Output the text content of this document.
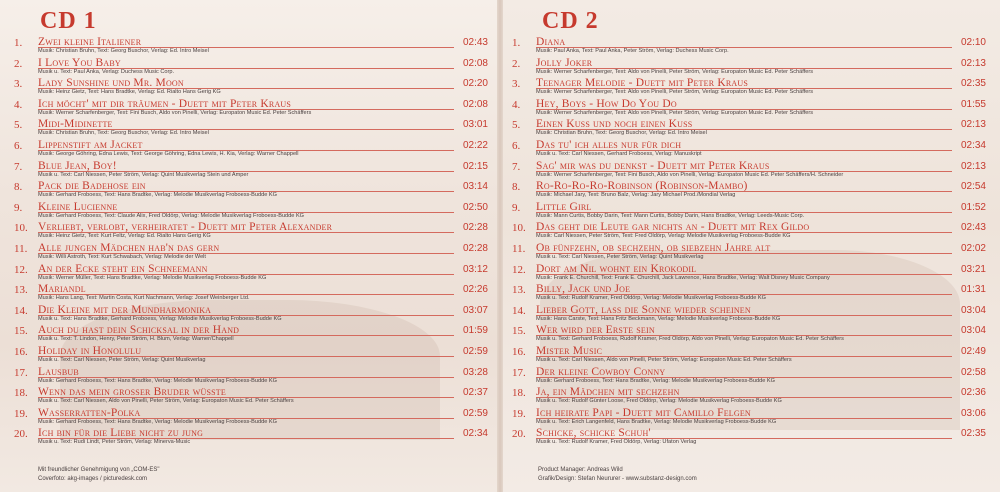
CD 1
1.	Zwei kleine Italiener	02:43
Musik: Christian Bruhn, Text: Georg Buschor, Verlag: Ed. Intro Meisel
2.	I Love You Baby	02:08
Musik u. Text: Paul Anka, Verlag: Duchess Music Corp.
3.	Lady Sunshine und Mr. Moon	02:20
Musik: Heinz Gietz, Text: Hans Bradtke, Verlag: Ed. Rialto Hans Gerig KG
4.	Ich möcht' mit dir träumen - Duett mit Peter Kraus	02:08
Musik: Werner Scharfenberger, Text: Fini Busch, Aldo von Pinelli, Verlag: Europaton Music Ed. Peter Schäffers
5.	Midi-Midinette	03:01
Musik: Christian Bruhn, Text: Georg Buschor, Verlag: Ed. Intro Meisel
6.	Lippenstift am Jacket	02:22
Musik: George Göhring, Edna Lewis, Text: George Göhring, Edna Lewis, H. Kia, Verlag: Warner Chappell
7.	Blue Jean, Boy!	02:15
Musik u. Text: Carl Niessen, Peter Ström, Verlag: Quint Musikverlag Stein und Amper
8.	Pack die Badehose ein	03:14
Musik: Gerhard Froboess, Text: Hans Bradtke, Verlag: Melodie Musikverlag Froboess-Budde KG
9.	Kleine Lucienne	02:50
Musik: Gerhard Froboess, Text: Claude Alix, Fred Oldörp, Verlag: Melodie Musikverlag Froboess-Budde KG
10. Verliebt, verlobt, verheiratet - Duett mit Peter Alexander	02:28
Musik: Heinz Gietz, Text: Kurt Feltz, Verlag: Ed. Rialto Hans Gerig KG
11. Alle jungen Mädchen hab'n das gern	02:28
Musik: Willi Astroth, Text: Kurt Schwabach, Verlag: Melodie der Welt
12. An der Ecke steht ein Schneemann	03:12
Musik: Werner Müller, Text: Hans Bradtke, Verlag: Melodie Musikverlag Froboess-Budde KG
13. Mariandl	02:26
Musik: Hans Lang, Text: Martin Costa, Kurt Nachmann, Verlag: Josef Weinberger Ltd.
14. Die Kleine mit der Mundharmonika	03:07
Musik u. Text: Hans Bradtke, Gerhard Froboess, Verlag: Melodie Musikverlag Froboess-Budde KG
15. Auch du hast dein Schicksal in der Hand	01:59
Musik u. Text: T. Lindon, Henry, Peter Ström, H. Blum, Verlag: Warner/Chappell
16. Holiday in Honolulu	02:59
Musik u. Text: Carl Niessen, Peter Ström, Verlag: Quint Musikverlag
17. Lausbub	03:28
Musik: Gerhard Froboess, Text: Hans Bradtke, Verlag: Melodie Musikverlag Froboess-Budde KG
18. Wenn das mein grosser Bruder wüsste	02:37
Musik u. Text: Carl Niessen, Aldo von Pinelli, Peter Ström, Verlag: Europaton Music Ed. Peter Schäffers
19. Wasserratten-Polka	02:59
Musik: Gerhard Froboess, Text: Hans Bradtke, Verlag: Melodie Musikverlag Froboess-Budde KG
20. Ich bin für die Liebe nicht zu jung	02:34
Musik u. Text: Rudi Lindt, Peter Ström, Verlag: Minerva-Music
Mit freundlicher Genehmigung von „COM-ES"
Coverfoto: akg-images / picturedesk.com
CD 2
1.	Diana	02:10
Musik: Paul Anka, Text: Paul Anka, Peter Ström, Verlag: Duchess Music Corp.
2.	Jolly Joker	02:13
Musik: Werner Scharfenberger, Text: Aldo von Pinelli, Peter Ström, Verlag: Europaton Music Ed. Peter Schäffers
3.	Teenager Melodie - Duett mit Peter Kraus	02:35
Musik: Werner Scharfenberger, Text: Aldo von Pinelli, Peter Ström, Verlag: Europaton Music Ed. Peter Schäffers
4.	Hey, Boys - How Do You Do	01:55
Musik: Werner Scharfenberger, Text: Aldo von Pinelli, Peter Ström, Verlag: Europaton Music Ed. Peter Schäffers
5.	Einen Kuss und noch einen Kuss	02:13
Musik: Christian Bruhn, Text: Georg Buschor, Verlag: Ed. Intro Meisel
6.	Das tu' ich alles nur für dich	02:34
Musik u. Text: Carl Niessen, Gerhard Froboess, Verlag: Manuskript
7.	Sag' mir was du denkst - Duett mit Peter Kraus	02:13
Musik: Werner Scharfenberger, Text: Fini Busch, Aldo von Pinelli, Verlag: Europaton Music Ed. Peter Schäffers/H. Schneider
8.	Ro-Ro-Ro-Ro-Robinson (Robinson-Mambo)	02:54
Musik: Michael Jary, Text: Bruno Balz, Verlag: Jary Michael Prod./Mondial Verlag
9.	Little Girl	01:52
Musik: Mann Curtis, Bobby Darin, Text: Mann Curtis, Bobby Darin, Hans Bradtke, Verlag: Leeds-Music Corp.
10. Das geht die Leute gar nichts an - Duett mit Rex Gildo	02:43
Musik: Carl Niessen, Peter Ström, Text: Fred Oldörp, Verlag: Melodie Musikverlag Froboess-Budde KG
11. Ob fünfzehn, ob sechzehn, ob siebzehn Jahre alt	02:02
Musik u. Text: Carl Niessen, Peter Ström, Verlag: Quint Musikverlag
12. Dort am Nil wohnt ein Krokodil	03:21
Musik: Frank E. Churchill, Text: Frank E. Churchill, Jack Lawrence, Hans Bradtke, Verlag: Walt Disney Music Company
13. Billy, Jack und Joe	01:31
Musik u. Text: Rudolf Kramer, Fred Oldörp, Verlag: Melodie Musikverlag Froboess-Budde KG
14. Lieber Gott, lass die Sonne wieder scheinen	03:04
Musik: Hans Carste, Text: Hans Fritz Beckmann, Verlag: Melodie Musikverlag Froboess-Budde KG
15. Wer wird der Erste sein	03:04
Musik u. Text: Gerhard Froboess, Rudolf Kramer, Fred Oldörp, Aldo von Pinelli, Verlag: Europaton Music Ed. Peter Schäffers
16. Mister Music	02:49
Musik u. Text: Carl Niessen, Aldo von Pinelli, Peter Ström, Verlag: Europaton Music Ed. Peter Schäffers
17. Der kleine Cowboy Conny	02:58
Musik: Gerhard Froboess, Text: Hans Bradtke, Verlag: Melodie Musikverlag Froboess-Budde KG
18. Ja, ein Mädchen mit sechzehn	02:36
Musik u. Text: Rudolf Günter Loose, Fred Oldörp, Verlag: Melodie Musikverlag Froboess-Budde KG
19. Ich heirate Papi - Duett mit Camillo Felgen	03:06
Musik u. Text: Erich Langenfeld, Hans Bradtke, Verlag: Melodie Musikverlag Froboess-Budde KG
20. Schicke, schicke Schuh'	02:35
Musik u. Text: Rudolf Kramer, Fred Oldörp, Verlag: Ufaton Verlag
Product Manager: Andreas Wild
Grafik/Design: Stefan Neururer - www.substanz-design.com
